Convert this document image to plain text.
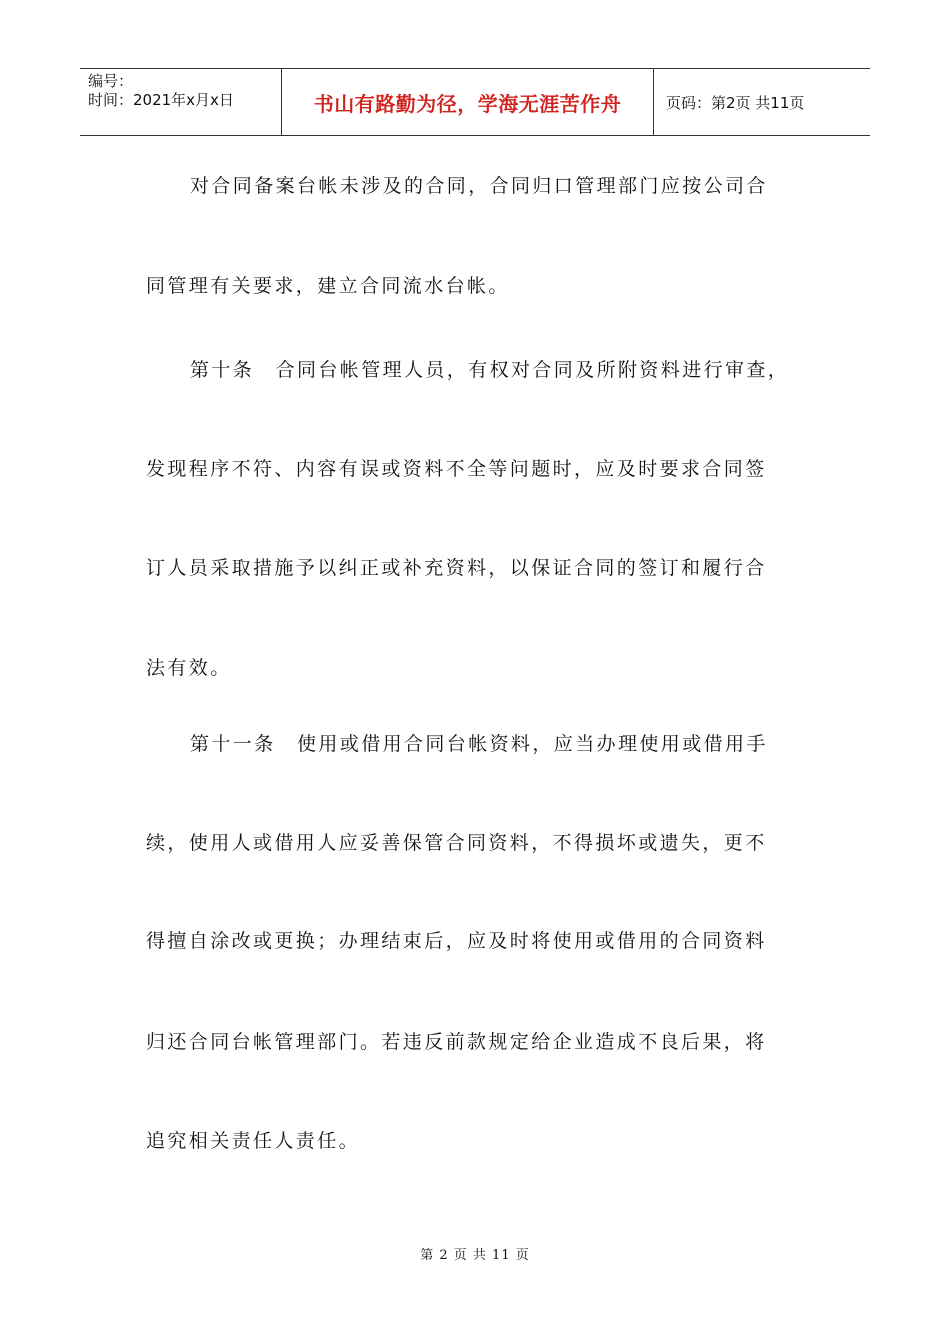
编号：
时间：2021年x月x日	书山有路勤为径，学海无涯苦作舟	页码：第2页 共11页
对合同备案台帐未涉及的合同，合同归口管理部门应按公司合
同管理有关要求，建立合同流水台帐。
第十条　合同台帐管理人员，有权对合同及所附资料进行审查，
发现程序不符、内容有误或资料不全等问题时，应及时要求合同签
订人员采取措施予以纠正或补充资料，以保证合同的签订和履行合
法有效。
第十一条　使用或借用合同台帐资料，应当办理使用或借用手
续，使用人或借用人应妥善保管合同资料，不得损坏或遗失，更不
得擅自涂改或更换；办理结束后，应及时将使用或借用的合同资料
归还合同台帐管理部门。若违反前款规定给企业造成不良后果，将
追究相关责任人责任。
第 2 页 共 11 页
